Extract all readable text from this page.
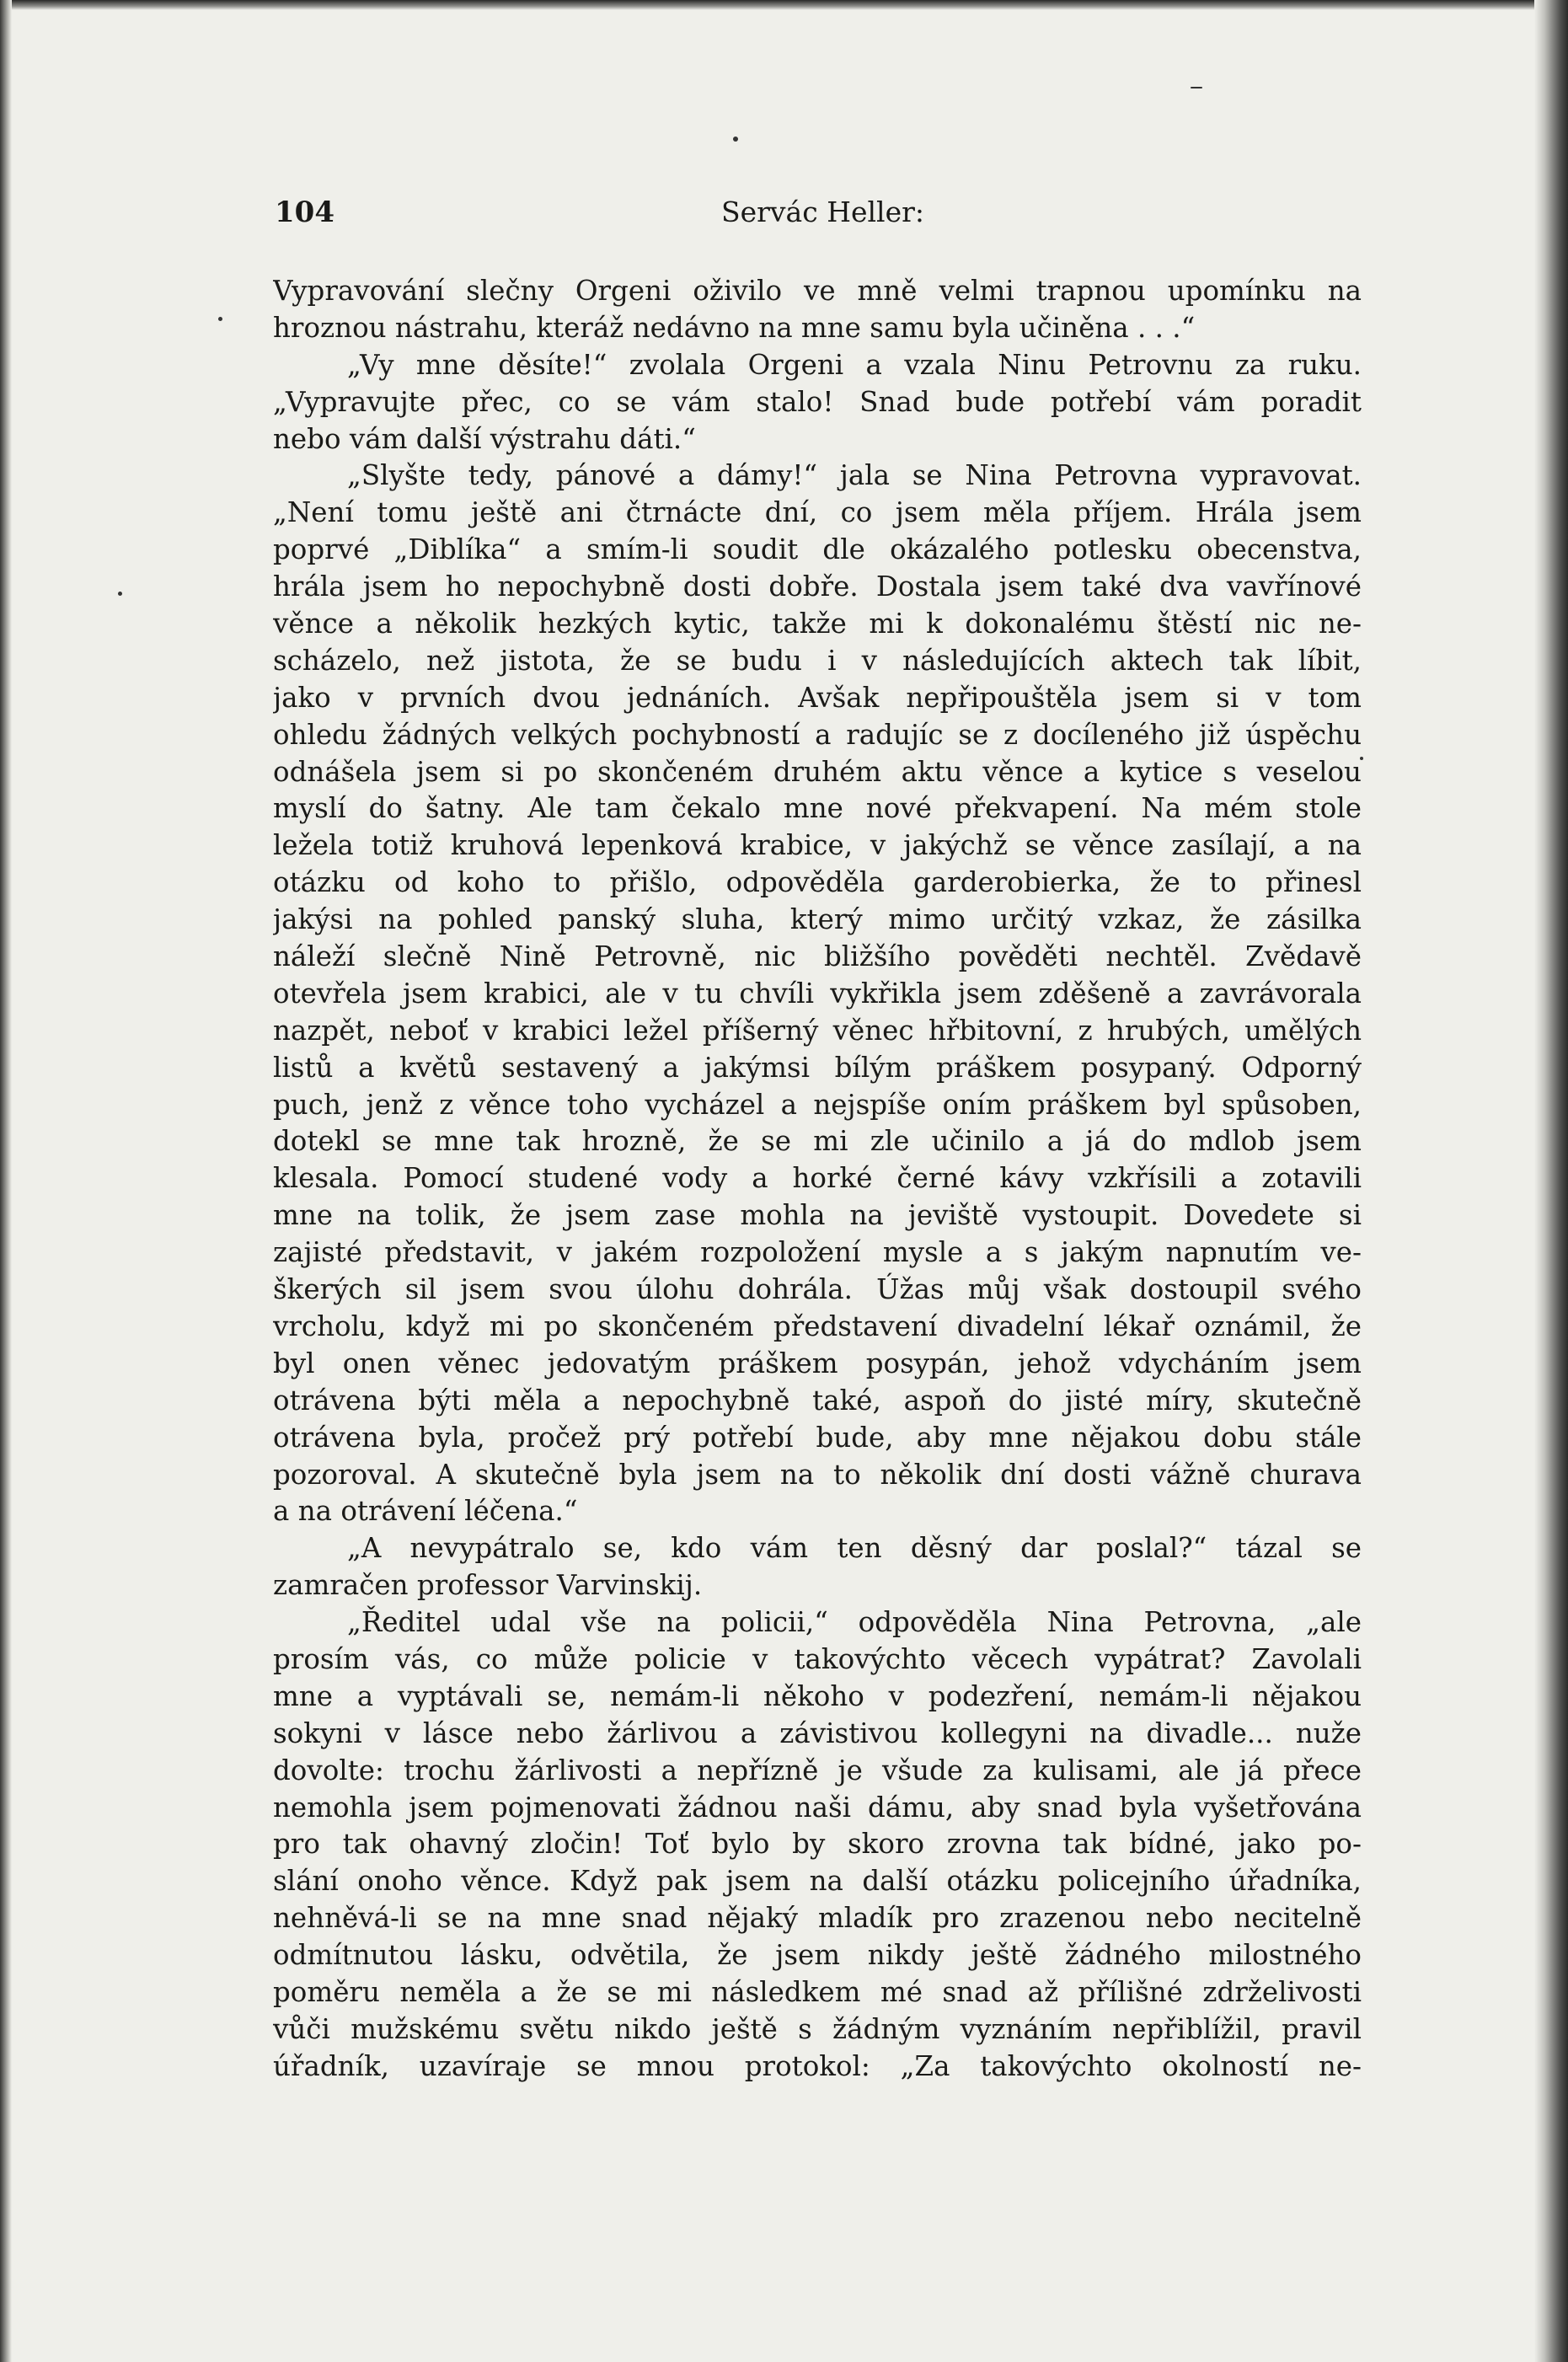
104	Servác Heller:
Vypravování slečny Orgeni oživilo ve mně velmi trapnou upomínku na
hroznou nástrahu, kteráž nedávno na mne samu byla učiněna . . .“
„Vy mne děsíte!“ zvolala Orgeni a vzala Ninu Petrovnu za ruku.
„Vypravujte přec, co se vám stalo! Snad bude potřebí vám poradit
nebo vám další výstrahu dáti.“
„Slyšte tedy, pánové a dámy!“ jala se Nina Petrovna vypravovat.
„Není tomu ještě ani čtrnácte dní, co jsem měla příjem. Hrála jsem
poprvé „Diblíka“ a smím-li soudit dle okázalého potlesku obecenstva,
hrála jsem ho nepochybně dosti dobře. Dostala jsem také dva vavřínové
věnce a několik hezkých kytic, takže mi k dokonalému štěstí nic ne-
scházelo, než jistota, že se budu i v následujících aktech tak líbit,
jako v prvních dvou jednáních. Avšak nepřipouštěla jsem si v tom
ohledu žádných velkých pochybností a radujíc se z docíleného již úspěchu
odnášela jsem si po skončeném druhém aktu věnce a kytice s veselou
myslí do šatny. Ale tam čekalo mne nové překvapení. Na mém stole
ležela totiž kruhová lepenková krabice, v jakýchž se věnce zasílají, a na
otázku od koho to přišlo, odpověděla garderobierka, že to přinesl
jakýsi na pohled panský sluha, který mimo určitý vzkaz, že zásilka
náleží slečně Nině Petrovně, nic bližšího pověděti nechtěl. Zvědavě
otevřela jsem krabici, ale v tu chvíli vykřikla jsem zděšeně a zavrávorala
nazpět, neboť v krabici ležel příšerný věnec hřbitovní, z hrubých, umělých
listů a květů sestavený a jakýmsi bílým práškem posypaný. Odporný
puch, jenž z věnce toho vycházel a nejspíše oním práškem byl spůsoben,
dotekl se mne tak hrozně, že se mi zle učinilo a já do mdlob jsem
klesala. Pomocí studené vody a horké černé kávy vzkřísili a zotavili
mne na tolik, že jsem zase mohla na jeviště vystoupit. Dovedete si
zajisté představit, v jakém rozpoložení mysle a s jakým napnutím ve-
škerých sil jsem svou úlohu dohrála. Úžas můj však dostoupil svého
vrcholu, když mi po skončeném představení divadelní lékař oznámil, že
byl onen věnec jedovatým práškem posypán, jehož vdycháním jsem
otrávena býti měla a nepochybně také, aspoň do jisté míry, skutečně
otrávena byla, pročež prý potřebí bude, aby mne nějakou dobu stále
pozoroval. A skutečně byla jsem na to několik dní dosti vážně churava
a na otrávení léčena.“
„A nevypátralo se, kdo vám ten děsný dar poslal?“ tázal se
zamračen professor Varvinskij.
„Ředitel udal vše na policii,“ odpověděla Nina Petrovna, „ale
prosím vás, co může policie v takovýchto věcech vypátrat? Zavolali
mne a vyptávali se, nemám-li někoho v podezření, nemám-li nějakou
sokyni v lásce nebo žárlivou a závistivou kollegyni na divadle... nuže
dovolte: trochu žárlivosti a nepřízně je všude za kulisami, ale já přece
nemohla jsem pojmenovati žádnou naši dámu, aby snad byla vyšetřována
pro tak ohavný zločin! Toť bylo by skoro zrovna tak bídné, jako po-
slání onoho věnce. Když pak jsem na další otázku policejního úřadníka,
nehněvá-li se na mne snad nějaký mladík pro zrazenou nebo necitelně
odmítnutou lásku, odvětila, že jsem nikdy ještě žádného milostného
poměru neměla a že se mi následkem mé snad až přílišné zdrželivosti
vůči mužskému světu nikdo ještě s žádným vyznáním nepřiblížil, pravil
úřadník, uzavíraje se mnou protokol: „Za takovýchto okolností ne-
